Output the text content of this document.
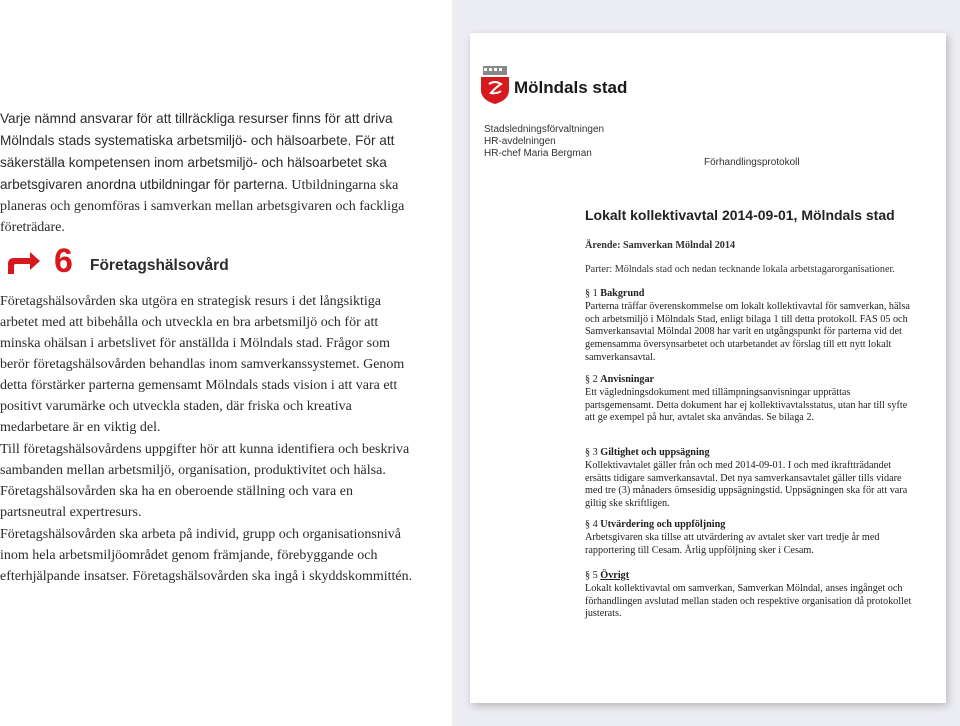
Varje nämnd ansvarar för att tillräckliga resurser finns för att driva Mölndals stads systematiska arbetsmiljö- och hälsoarbete. För att säkerställa kompetensen inom arbetsmiljö- och hälsoarbetet ska arbetsgivaren anordna utbildningar för parterna. Utbildningarna ska planeras och genomföras i samverkan mellan arbetsgivaren och fackliga företrädare.

6 Företagshälsovård

Företagshälsovården ska utgöra en strategisk resurs i det långsiktiga arbetet med att bibehålla och utveckla en bra arbetsmiljö och för att minska ohälsan i arbetslivet för anställda i Mölndals stad. Frågor som berör företagshälsovården behandlas inom samverkanssystemet. Genom detta förstärker parterna gemensamt Mölndals stads vision i att vara ett positivt varumärke och utveckla staden, där friska och kreativa medarbetare är en viktig del.

Till företagshälsovårdens uppgifter hör att kunna identifiera och beskriva sambanden mellan arbetsmiljö, organisation, produktivitet och hälsa. Företagshälsovården ska ha en oberoende ställning och vara en partsneutral expertresurs.

Företagshälsovården ska arbeta på individ, grupp och organisationsnivå inom hela arbetsmiljöområdet genom främjande, förebyggande och efterhjälpande insatser. Företagshälsovården ska ingå i skyddskommittén.

Mölndals stad
Stadsledningsförvaltningen
HR-avdelningen
HR-chef Maria Bergman
Förhandlingsprotokoll
Lokalt kollektivavtal 2014-09-01, Mölndals stad
Ärende: Samverkan Mölndal 2014
Parter: Mölndals stad och nedan tecknande lokala arbetstagarorganisationer.
§ 1 Bakgrund
Parterna träffar överenskommelse om lokalt kollektivavtal för samverkan, hälsa och arbetsmiljö i Mölndals Stad, enligt bilaga 1 till detta protokoll. FAS 05 och Samverkansavtal Mölndal 2008 har varit en utgångspunkt för parterna vid det gemensamma översynsarbetet och utarbetandet av förslag till ett nytt lokalt samverkansavtal.
§ 2 Anvisningar
Ett vägledningsdokument med tillämpningsanvisningar upprättas partsgemensamt. Detta dokument har ej kollektivavtalsstatus, utan har till syfte att ge exempel på hur, avtalet ska användas. Se bilaga 2.
§ 3 Giltighet och uppsägning
Kollektivavtalet gäller från och med 2014-09-01. I och med ikraftträdandet ersätts tidigare samverkansavtal. Det nya samverkansavtalet gäller tills vidare med tre (3) månaders ömsesidig uppsägningstid. Uppsägningen ska för att vara giltig ske skriftligen.
§ 4 Utvärdering och uppföljning
Arbetsgivaren ska tillse att utvärdering av avtalet sker vart tredje år med rapportering till Cesam. Årlig uppföljning sker i Cesam.
§ 5 Övrigt
Lokalt kollektivavtal om samverkan, Samverkan Mölndal, anses ingånget och förhandlingen avslutad mellan staden och respektive organisation då protokollet justerats.
